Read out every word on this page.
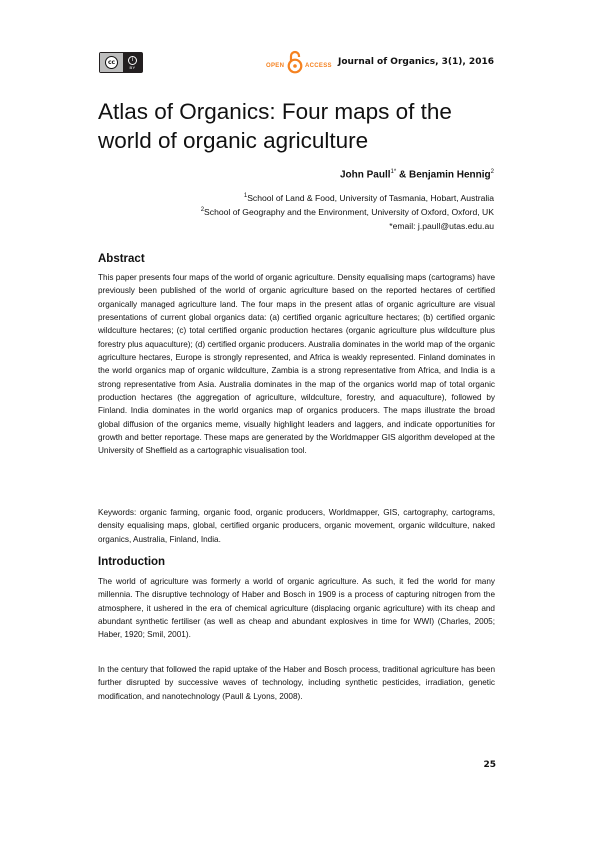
cc	i
BY	OPEN	ACCESS Journal of Organics, 3(1), 2016
Atlas of Organics: Four maps of the world of organic agriculture
John Paull$^{1*}$ & Benjamin Hennig$^2$
$^1$School of Land & Food, University of Tasmania, Hobart, Australia
$^2$School of Geography and the Environment, University of Oxford, Oxford, UK
*email: j.paull@utas.edu.au
Abstract

This paper presents four maps of the world of organic agriculture. Density equalising maps (cartograms) have previously been published of the world of organic agriculture based on the reported hectares of certified organically managed agriculture land. The four maps in the present atlas of organic agriculture are visual presentations of current global organics data: (a) certified organic agriculture hectares; (b) certified organic wildculture hectares; (c) total certified organic production hectares (organic agriculture plus wildculture plus forestry plus aquaculture); (d) certified organic producers. Australia dominates in the world map of the organic agriculture hectares, Europe is strongly represented, and Africa is weakly represented. Finland dominates in the world organics map of organic wildculture, Zambia is a strong representative from Africa, and India is a strong representative from Asia. Australia dominates in the map of the organics world map of total organic production hectares (the aggregation of agriculture, wildculture, forestry, and aquaculture), followed by Finland. India dominates in the world organics map of organics producers. The maps illustrate the broad global diffusion of the organics meme, visually highlight leaders and laggers, and indicate opportunities for growth and better reportage. These maps are generated by the Worldmapper GIS algorithm developed at the University of Sheffield as a cartographic visualisation tool.

Keywords: organic farming, organic food, organic producers, Worldmapper, GIS, cartography, cartograms, density equalising maps, global, certified organic producers, organic movement, organic wildculture, naked organics, Australia, Finland, India.

Introduction

The world of agriculture was formerly a world of organic agriculture. As such, it fed the world for many millennia. The disruptive technology of Haber and Bosch in 1909 is a process of capturing nitrogen from the atmosphere, it ushered in the era of chemical agriculture (displacing organic agriculture) with its cheap and abundant synthetic fertiliser (as well as cheap and abundant explosives in time for WWI) (Charles, 2005; Haber, 1920; Smil, 2001).

In the century that followed the rapid uptake of the Haber and Bosch process, traditional agriculture has been further disrupted by successive waves of technology, including synthetic pesticides, irradiation, genetic modification, and nanotechnology (Paull & Lyons, 2008).

25
